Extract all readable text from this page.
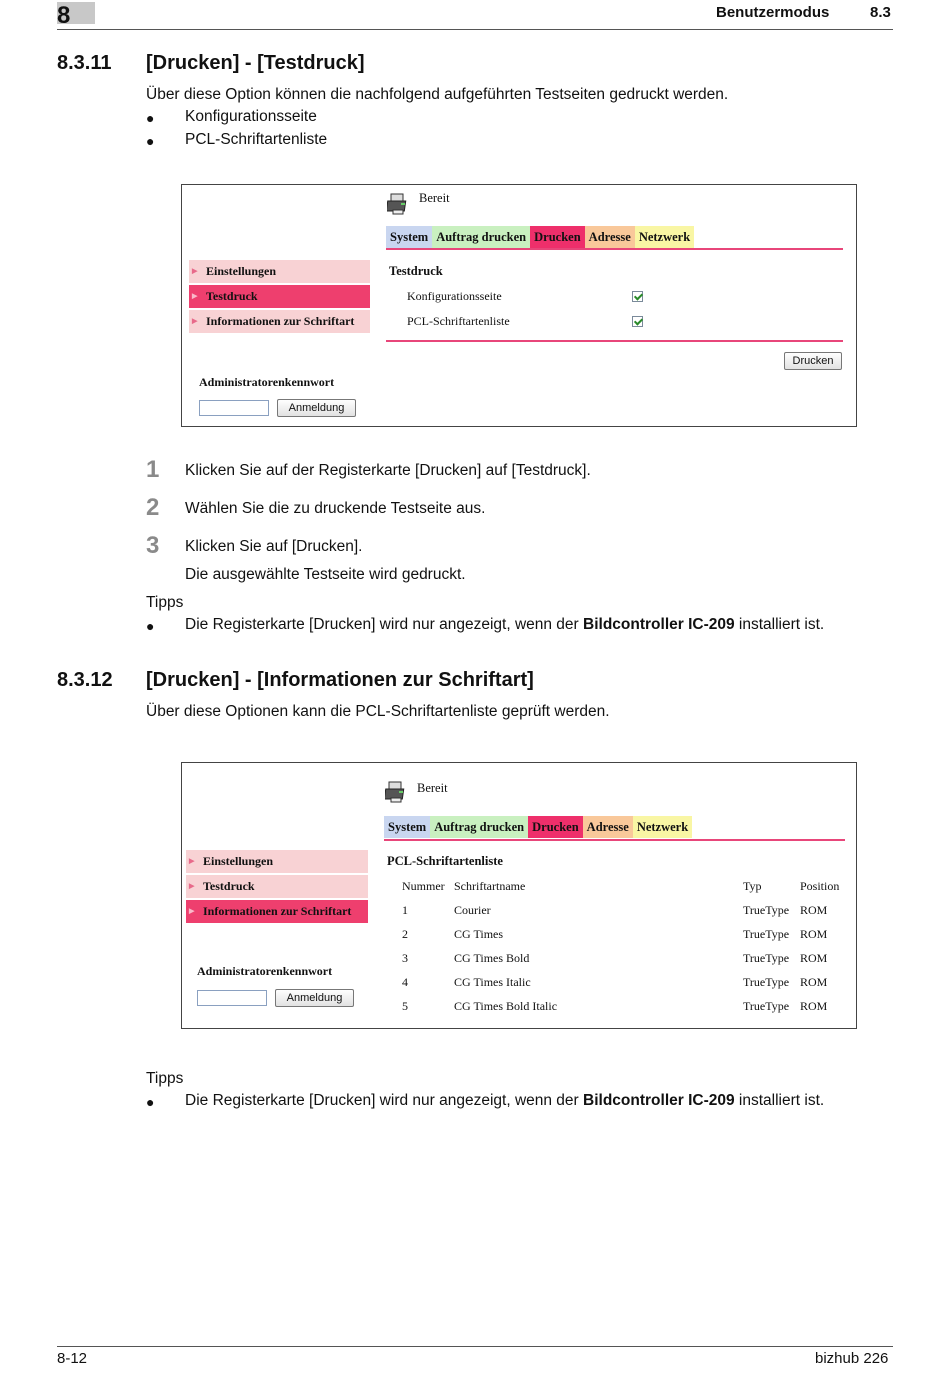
8	Benutzermodus	8.3
8.3.11 [Drucken] - [Testdruck]
Über diese Option können die nachfolgend aufgeführten Testseiten gedruckt werden.
● Konfigurationsseite
● PCL-Schriftartenliste
Bereit
System Auftrag drucken Drucken Adresse Netzwerk
▶ Einstellungen
▶ Testdruck
▶ Informationen zur Schriftart
Testdruck
Konfigurationsseite
PCL-Schriftartenliste
Drucken
Administratorenkennwort
Anmeldung
1 Klicken Sie auf der Registerkarte [Drucken] auf [Testdruck].
2 Wählen Sie die zu druckende Testseite aus.
3 Klicken Sie auf [Drucken].
Die ausgewählte Testseite wird gedruckt.
Tipps
● Die Registerkarte [Drucken] wird nur angezeigt, wenn der Bildcontroller IC-209 installiert ist.
8.3.12 [Drucken] - [Informationen zur Schriftart]
Über diese Optionen kann die PCL-Schriftartenliste geprüft werden.
Bereit
System Auftrag drucken Drucken Adresse Netzwerk
▶ Einstellungen
▶ Testdruck
▶ Informationen zur Schriftart
Administratorenkennwort
Anmeldung
PCL-Schriftartenliste
Nummer Schriftartname	Typ	Position
1	Courier	TrueType ROM
2	CG Times	TrueType ROM
3	CG Times Bold	TrueType ROM
4	CG Times Italic	TrueType ROM
5	CG Times Bold Italic	TrueType ROM
Tipps
● Die Registerkarte [Drucken] wird nur angezeigt, wenn der Bildcontroller IC-209 installiert ist.
8-12	bizhub 226
